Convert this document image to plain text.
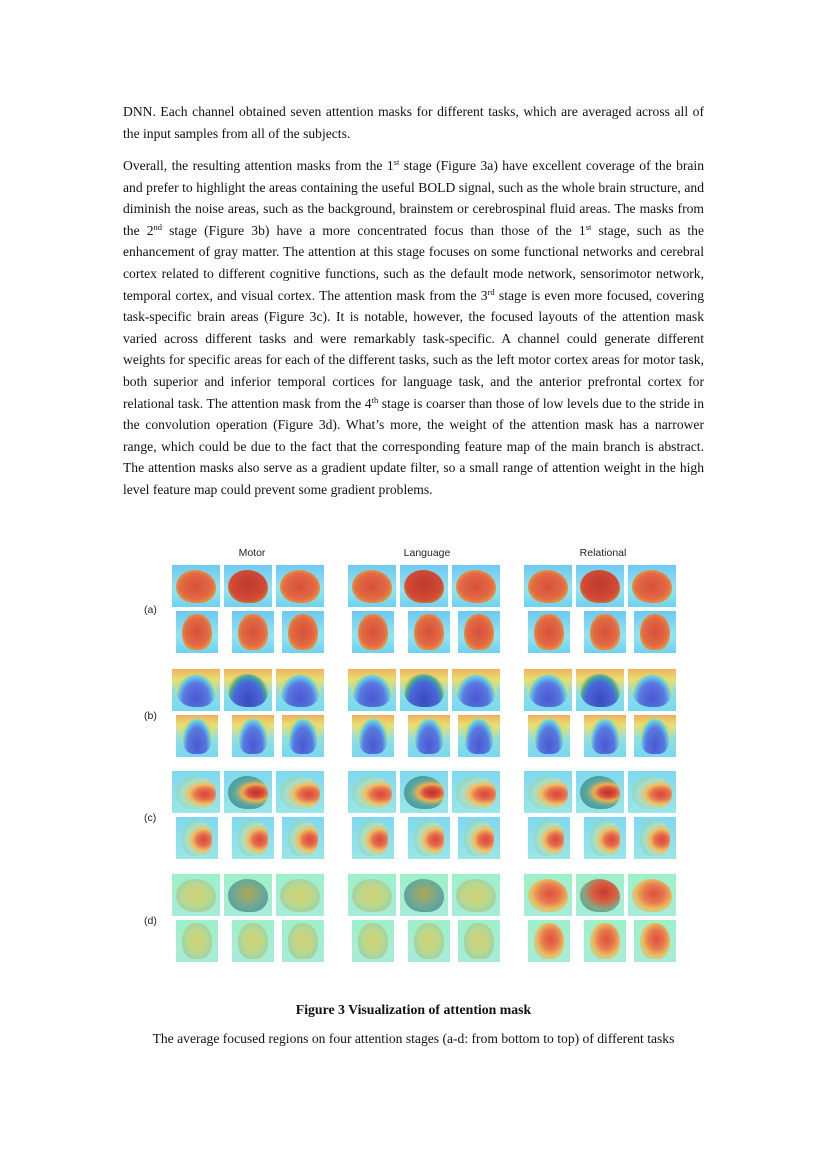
DNN. Each channel obtained seven attention masks for different tasks, which are averaged across all of the input samples from all of the subjects.

Overall, the resulting attention masks from the 1st stage (Figure 3a) have excellent coverage of the brain and prefer to highlight the areas containing the useful BOLD signal, such as the whole brain structure, and diminish the noise areas, such as the background, brainstem or cerebrospinal fluid areas. The masks from the 2nd stage (Figure 3b) have a more concentrated focus than those of the 1st stage, such as the enhancement of gray matter. The attention at this stage focuses on some functional networks and cerebral cortex related to different cognitive functions, such as the default mode network, sensorimotor network, temporal cortex, and visual cortex. The attention mask from the 3rd stage is even more focused, covering task-specific brain areas (Figure 3c). It is notable, however, the focused layouts of the attention mask varied across different tasks and were remarkably task-specific. A channel could generate different weights for specific areas for each of the different tasks, such as the left motor cortex areas for motor task, both superior and inferior temporal cortices for language task, and the anterior prefrontal cortex for relational task. The attention mask from the 4th stage is coarser than those of low levels due to the stride in the convolution operation (Figure 3d). What’s more, the weight of the attention mask has a narrower range, which could be due to the fact that the corresponding feature map of the main branch is abstract. The attention masks also serve as a gradient update filter, so a small range of attention weight in the high level feature map could prevent some gradient problems.

Motor	Language	Relational
(a)
(b)
(c)
(d)
Figure 3 Visualization of attention mask
The average focused regions on four attention stages (a-d: from bottom to top) of different tasks
